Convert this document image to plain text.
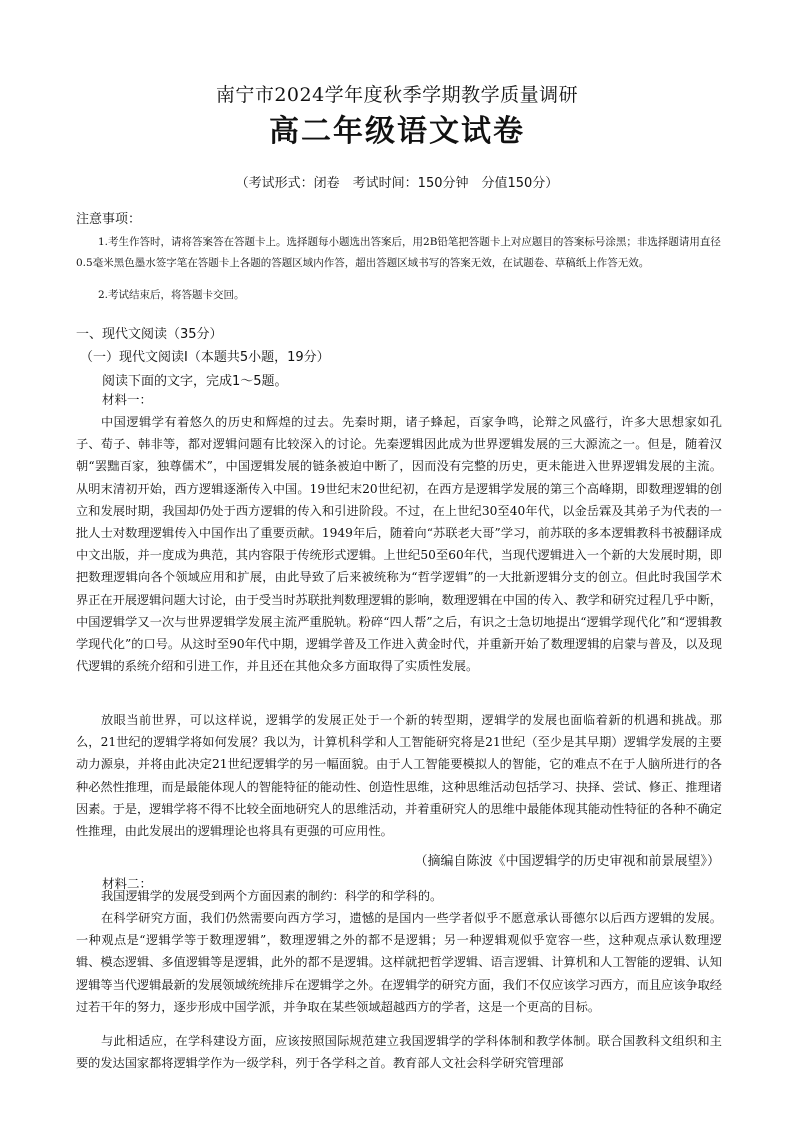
南宁市2024学年度秋季学期教学质量调研
高二年级语文试卷
（考试形式：闭卷　考试时间：150分钟　分值150分）
注意事项：
1.考生作答时，请将答案答在答题卡上。选择题每小题选出答案后，用2B铅笔把答题卡上对应题目的答案标号涂黑；非选择题请用直径0.5毫米黑色墨水签字笔在答题卡上各题的答题区域内作答，超出答题区域书写的答案无效，在试题卷、草稿纸上作答无效。
2.考试结束后，将答题卡交回。
一、现代文阅读（35分）
（一）现代文阅读Ⅰ（本题共5小题，19分）
阅读下面的文字，完成1～5题。
材料一：
中国逻辑学有着悠久的历史和辉煌的过去。先秦时期，诸子蜂起，百家争鸣，论辩之风盛行，许多大思想家如孔子、荀子、韩非等，都对逻辑问题有比较深入的讨论。先秦逻辑因此成为世界逻辑发展的三大源流之一。但是，随着汉朝“罢黜百家，独尊儒术”，中国逻辑发展的链条被迫中断了，因而没有完整的历史，更未能进入世界逻辑发展的主流。从明末清初开始，西方逻辑逐渐传入中国。19世纪末20世纪初，在西方是逻辑学发展的第三个高峰期，即数理逻辑的创立和发展时期，我国却仍处于西方逻辑的传入和引进阶段。不过，在上世纪30至40年代，以金岳霖及其弟子为代表的一批人士对数理逻辑传入中国作出了重要贡献。1949年后，随着向“苏联老大哥”学习，前苏联的多本逻辑教科书被翻译成中文出版，并一度成为典范，其内容限于传统形式逻辑。上世纪50至60年代，当现代逻辑进入一个新的大发展时期，即把数理逻辑向各个领域应用和扩展，由此导致了后来被统称为“哲学逻辑”的一大批新逻辑分支的创立。但此时我国学术界正在开展逻辑问题大讨论，由于受当时苏联批判数理逻辑的影响，数理逻辑在中国的传入、教学和研究过程几乎中断，中国逻辑学又一次与世界逻辑学发展主流严重脱轨。粉碎“四人帮”之后，有识之士急切地提出“逻辑学现代化”和“逻辑教学现代化”的口号。从这时至90年代中期，逻辑学普及工作进入黄金时代，并重新开始了数理逻辑的启蒙与普及，以及现代逻辑的系统介绍和引进工作，并且还在其他众多方面取得了实质性发展。
放眼当前世界，可以这样说，逻辑学的发展正处于一个新的转型期，逻辑学的发展也面临着新的机遇和挑战。那么，21世纪的逻辑学将如何发展？我以为，计算机科学和人工智能研究将是21世纪（至少是其早期）逻辑学发展的主要动力源泉，并将由此决定21世纪逻辑学的另一幅面貌。由于人工智能要模拟人的智能，它的难点不在于人脑所进行的各种必然性推理，而是最能体现人的智能特征的能动性、创造性思维，这种思维活动包括学习、抉择、尝试、修正、推理诸因素。于是，逻辑学将不得不比较全面地研究人的思维活动，并着重研究人的思维中最能体现其能动性特征的各种不确定性推理，由此发展出的逻辑理论也将具有更强的可应用性。
（摘编自陈波《中国逻辑学的历史审视和前景展望》）
材料二：
我国逻辑学的发展受到两个方面因素的制约：科学的和学科的。
在科学研究方面，我们仍然需要向西方学习，遗憾的是国内一些学者似乎不愿意承认哥德尔以后西方逻辑的发展。一种观点是“逻辑学等于数理逻辑”，数理逻辑之外的都不是逻辑；另一种逻辑观似乎宽容一些，这种观点承认数理逻辑、模态逻辑、多值逻辑等是逻辑，此外的都不是逻辑。这样就把哲学逻辑、语言逻辑、计算机和人工智能的逻辑、认知逻辑等当代逻辑最新的发展领域统统排斥在逻辑学之外。在逻辑学的研究方面，我们不仅应该学习西方，而且应该争取经过若干年的努力，逐步形成中国学派，并争取在某些领域超越西方的学者，这是一个更高的目标。
与此相适应，在学科建设方面，应该按照国际规范建立我国逻辑学的学科体制和教学体制。联合国教科文组织和主要的发达国家都将逻辑学作为一级学科，列于各学科之首。教育部人文社会科学研究管理部
